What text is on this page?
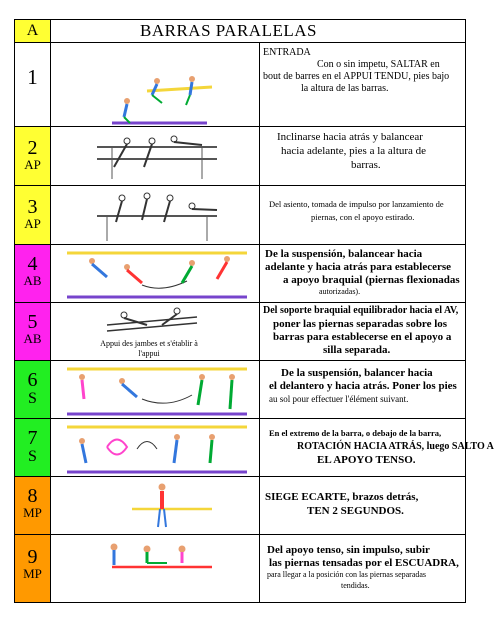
A	BARRAS PARALELAS
1
ENTRADA
Con o sin impetu, SALTAR en
bout de barres en el APPUI TENDU, pies bajo
la altura de las barras.
2
AP
Inclinarse hacia atrás y balancear
hacia adelante, pies a la altura de
barras.
3
AP
Del asiento, tomada de impulso por lanzamiento de
piernas, con el apoyo estirado.
4
AB
De la suspensión, balancear hacia
adelante y hacia atrás para establecerse
a apoyo braquial (piernas flexionadas
autorizadas).
5
AB	Appui des jambes et s'établir à
l'appui
Del soporte braquial equilibrador hacia el AV,
poner las piernas separadas sobre los
barras para establecerse en el apoyo a
silla separada.
6
S
De la suspensión, balancer hacia
el delantero y hacia atrás. Poner los pies
au sol pour effectuer l'élément suivant.
7
S
En el extremo de la barra, o debajo de la barra,
ROTACIÓN HACIA ATRÁS, luego SALTO A
EL APOYO TENSO.
8
MP
SIEGE ECARTE, brazos detrás,
TEN 2 SEGUNDOS.
9
MP
Del apoyo tenso, sin impulso, subir
las piernas tensadas por el ESCUADRA,
para llegar a la posición con las piernas separadas
tendidas.
